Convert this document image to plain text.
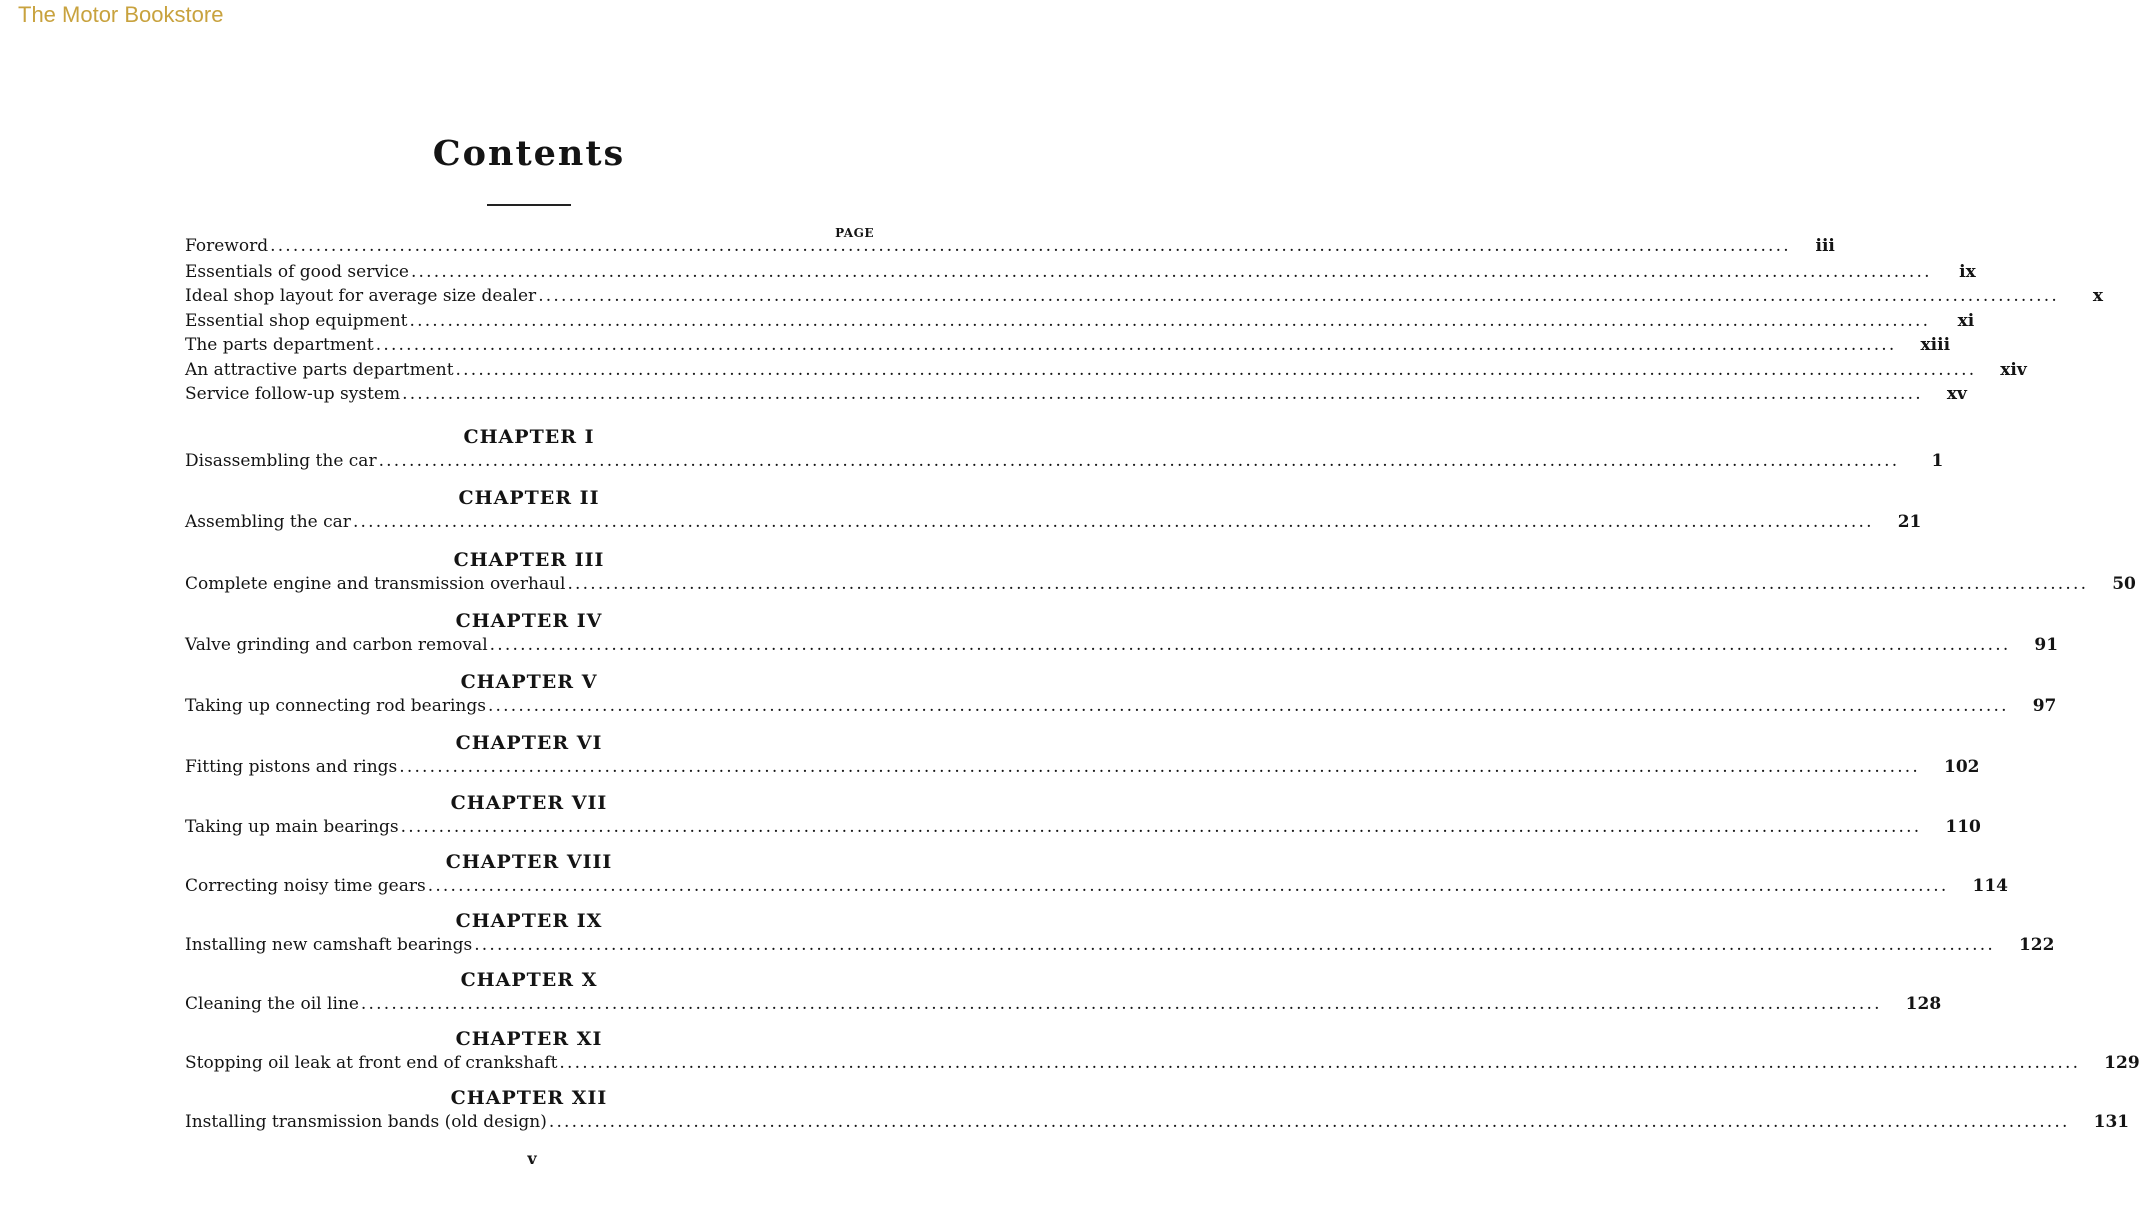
The Motor Bookstore
Contents
PAGE
Foreword ........................................................................................................................................................................................................ iii
Essentials of good service ........................................................................................................................................................................................................ ix
Ideal shop layout for average size dealer ........................................................................................................................................................................................................	x
Essential shop equipment ........................................................................................................................................................................................................ xi
The parts department ........................................................................................................................................................................................................ xiii
An attractive parts department ........................................................................................................................................................................................................ xiv
Service follow-up system ........................................................................................................................................................................................................ xv
CHAPTER I
Disassembling the car ........................................................................................................................................................................................................	1
CHAPTER II
Assembling the car ........................................................................................................................................................................................................ 21
CHAPTER III
Complete engine and transmission overhaul ........................................................................................................................................................................................................ 50
CHAPTER IV
Valve grinding and carbon removal ........................................................................................................................................................................................................ 91
CHAPTER V
Taking up connecting rod bearings ........................................................................................................................................................................................................ 97
CHAPTER VI
Fitting pistons and rings ........................................................................................................................................................................................................ 102
CHAPTER VII
Taking up main bearings ........................................................................................................................................................................................................ 110
CHAPTER VIII
Correcting noisy time gears ........................................................................................................................................................................................................ 114
CHAPTER IX
Installing new camshaft bearings ........................................................................................................................................................................................................ 122
CHAPTER X
Cleaning the oil line ........................................................................................................................................................................................................ 128
CHAPTER XI
Stopping oil leak at front end of crankshaft ........................................................................................................................................................................................................ 129
CHAPTER XII
Installing transmission bands (old design) ........................................................................................................................................................................................................ 131
v
